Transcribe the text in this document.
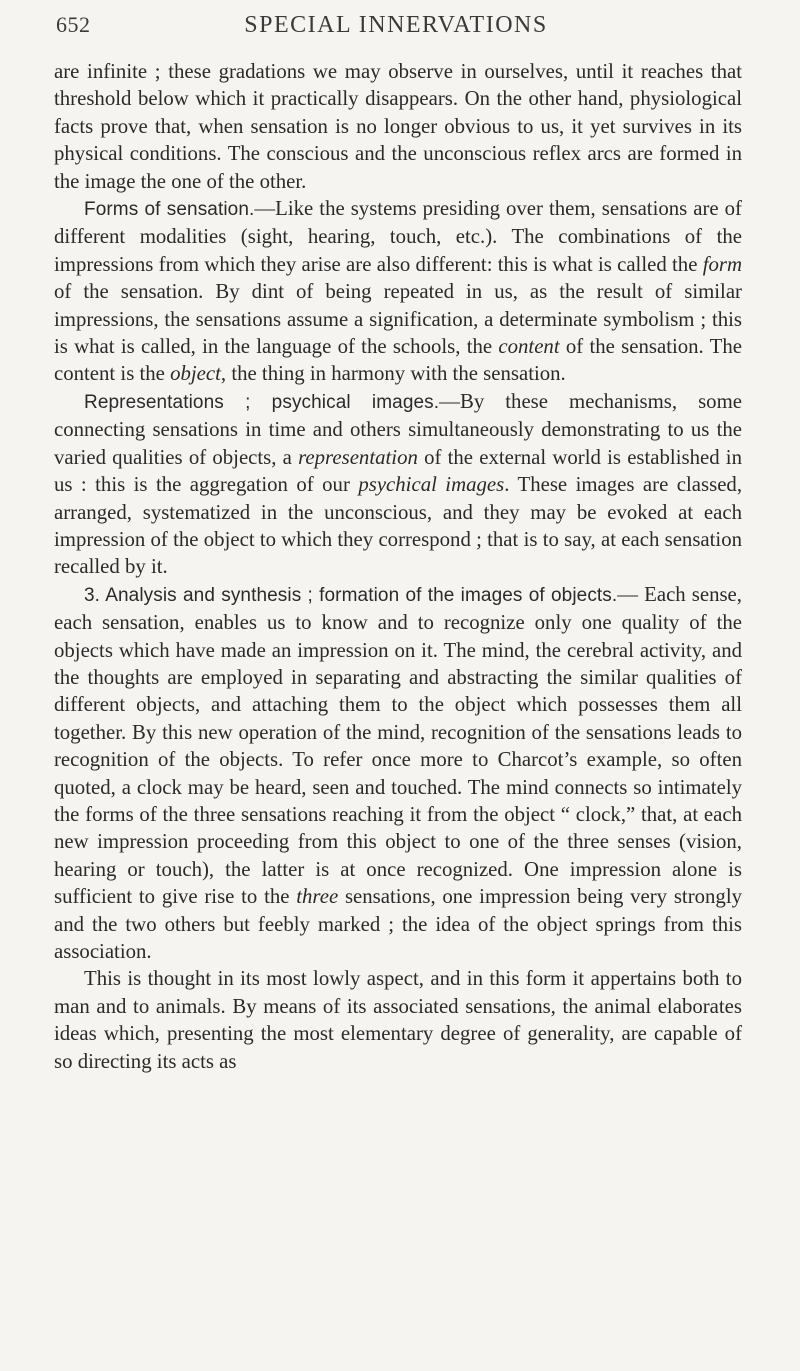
652	SPECIAL INNERVATIONS

are infinite ; these gradations we may observe in ourselves, until it reaches that threshold below which it practically disappears. On the other hand, physiological facts prove that, when sensation is no longer obvious to us, it yet survives in its physical conditions. The conscious and the unconscious reflex arcs are formed in the image the one of the other.

Forms of sensation.—Like the systems presiding over them, sensations are of different modalities (sight, hearing, touch, etc.). The combinations of the impressions from which they arise are also different: this is what is called the form of the sensation. By dint of being repeated in us, as the result of similar impressions, the sensations assume a signification, a determinate symbolism ; this is what is called, in the language of the schools, the content of the sensation. The content is the object, the thing in harmony with the sensation.

Representations ; psychical images.—By these mechanisms, some connecting sensations in time and others simultaneously demonstrating to us the varied qualities of objects, a representation of the external world is established in us : this is the aggregation of our psychical images. These images are classed, arranged, systematized in the unconscious, and they may be evoked at each impression of the object to which they correspond ; that is to say, at each sensation recalled by it.

3. Analysis and synthesis ; formation of the images of objects.— Each sense, each sensation, enables us to know and to recognize only one quality of the objects which have made an impression on it. The mind, the cerebral activity, and the thoughts are employed in separating and abstracting the similar qualities of different objects, and attaching them to the object which possesses them all together. By this new operation of the mind, recognition of the sensations leads to recognition of the objects. To refer once more to Charcot’s example, so often quoted, a clock may be heard, seen and touched. The mind connects so intimately the forms of the three sensations reaching it from the object “ clock,” that, at each new impression proceeding from this object to one of the three senses (vision, hearing or touch), the latter is at once recognized. One impression alone is sufficient to give rise to the three sensations, one impression being very strongly and the two others but feebly marked ; the idea of the object springs from this association.

This is thought in its most lowly aspect, and in this form it appertains both to man and to animals. By means of its associated sensations, the animal elaborates ideas which, presenting the most elementary degree of generality, are capable of so directing its acts as
